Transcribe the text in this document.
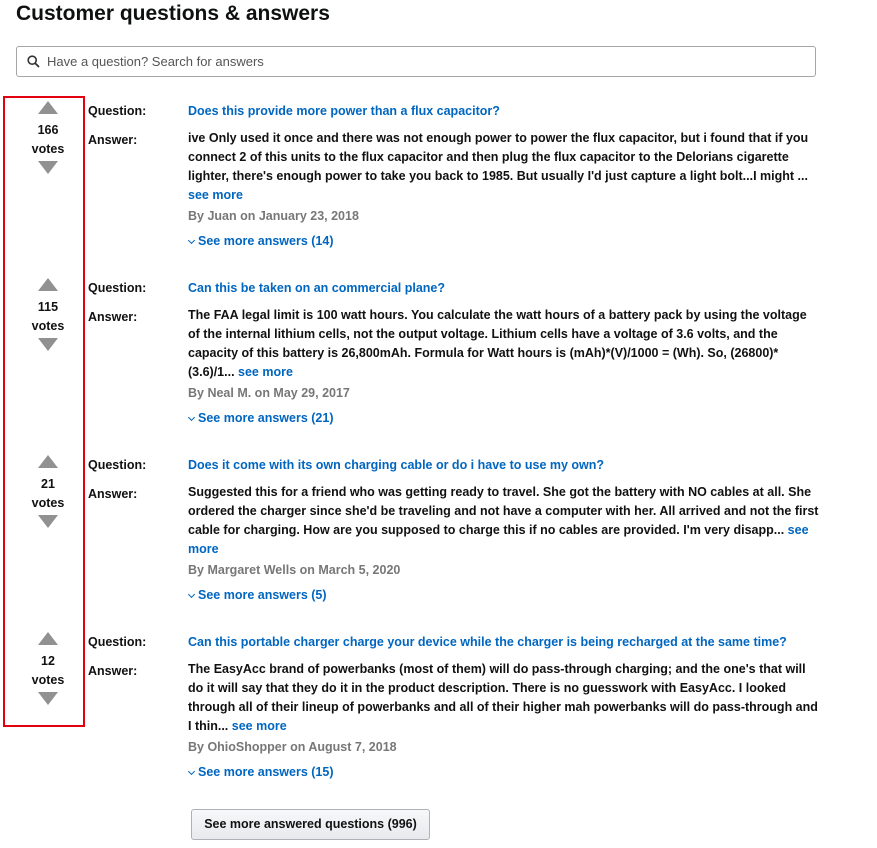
Customer questions & answers
Have a question? Search for answers
166
votes
Question:	Does this provide more power than a flux capacitor?
Answer:	ive Only used it once and there was not enough power to power the flux capacitor, but i found that if you connect 2 of this units to the flux capacitor and then plug the flux capacitor to the Delorians cigarette lighter, there's enough power to take you back to 1985. But usually I'd just capture a light bolt...I might ... see more
By Juan on January 23, 2018
See more answers (14)
115
votes
Question:	Can this be taken on an commercial plane?
Answer:	The FAA legal limit is 100 watt hours. You calculate the watt hours of a battery pack by using the voltage of the internal lithium cells, not the output voltage. Lithium cells have a voltage of 3.6 volts, and the capacity of this battery is 26,800mAh. Formula for Watt hours is (mAh)*(V)/1000 = (Wh). So, (26800)*(3.6)/1... see more
By Neal M. on May 29, 2017
See more answers (21)
21
votes
Question:	Does it come with its own charging cable or do i have to use my own?
Answer:	Suggested this for a friend who was getting ready to travel. She got the battery with NO cables at all. She ordered the charger since she'd be traveling and not have a computer with her. All arrived and not the first cable for charging. How are you supposed to charge this if no cables are provided. I'm very disapp... see more
By Margaret Wells on March 5, 2020
See more answers (5)
12
votes
Question:	Can this portable charger charge your device while the charger is being recharged at the same time?
Answer:	The EasyAcc brand of powerbanks (most of them) will do pass-through charging; and the one's that will do it will say that they do it in the product description. There is no guesswork with EasyAcc. I looked through all of their lineup of powerbanks and all of their higher mah powerbanks will do pass-through and I thin... see more
By OhioShopper on August 7, 2018
See more answers (15)
See more answered questions (996)
